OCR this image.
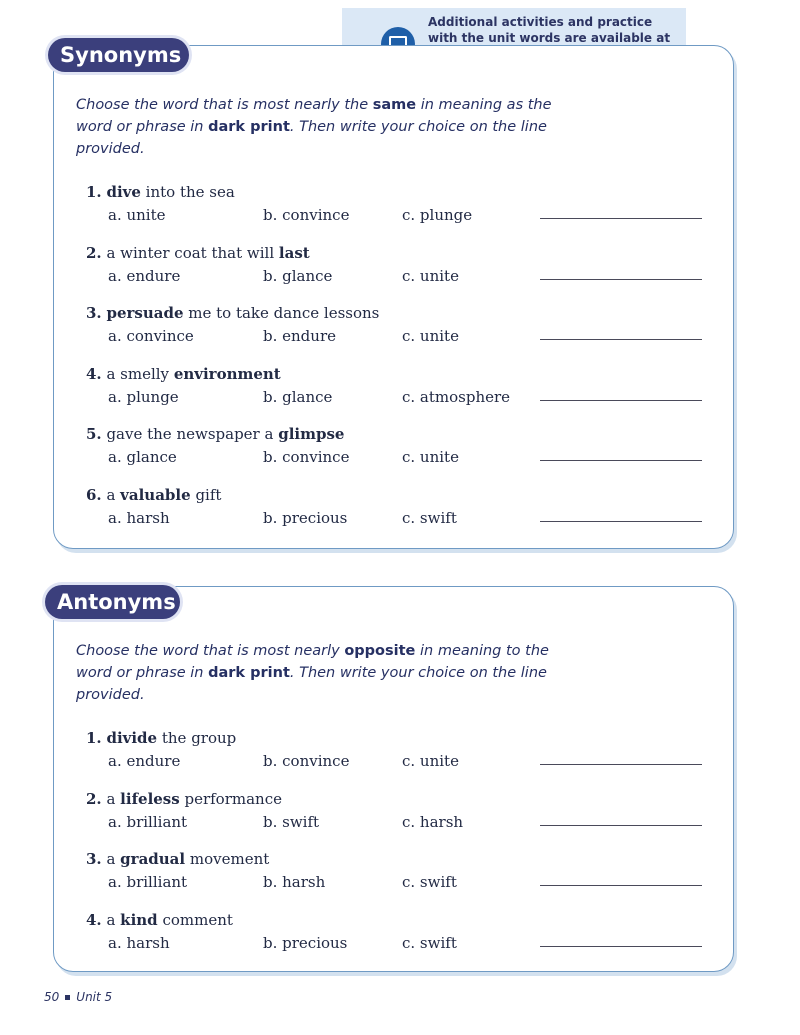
Additional activities and practice
with the unit words are available at
Synonyms
Choose the word that is most nearly the same in meaning as the word or phrase in dark print. Then write your choice on the line provided.
1. dive into the sea
a. unite	b. convince	c. plunge
2. a winter coat that will last
a. endure	b. glance	c. unite
3. persuade me to take dance lessons
a. convince	b. endure	c. unite
4. a smelly environment
a. plunge	b. glance	c. atmosphere
5. gave the newspaper a glimpse
a. glance	b. convince	c. unite
6. a valuable gift
a. harsh	b. precious	c. swift
Antonyms
Choose the word that is most nearly opposite in meaning to the word or phrase in dark print. Then write your choice on the line provided.
1. divide the group
a. endure	b. convince	c. unite
2. a lifeless performance
a. brilliant	b. swift	c. harsh
3. a gradual movement
a. brilliant	b. harsh	c. swift
4. a kind comment
a. harsh	b. precious	c. swift
50 Unit 5
